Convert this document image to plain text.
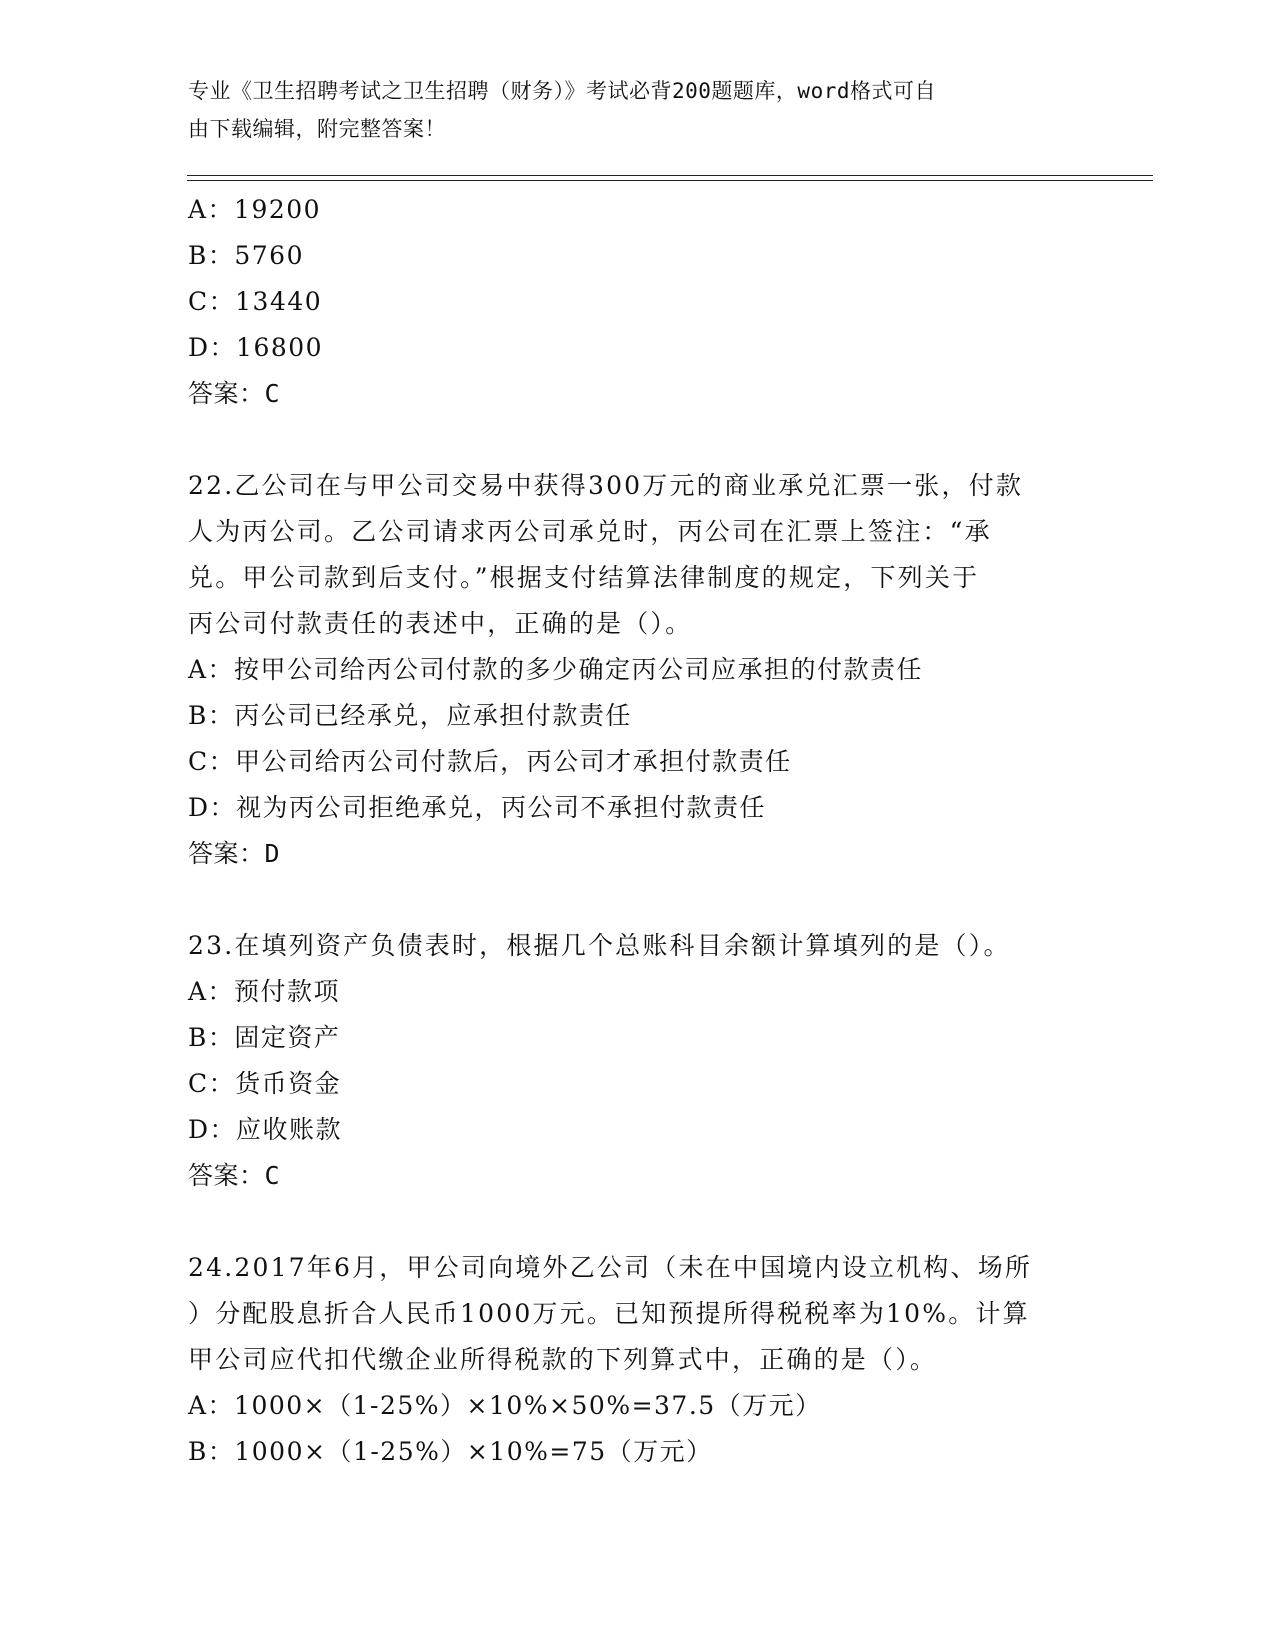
专业《卫生招聘考试之卫生招聘（财务）》考试必背200题题库，word格式可自
由下载编辑，附完整答案！
A：19200
B：5760
C：13440
D：16800
答案：C
22.乙公司在与甲公司交易中获得300万元的商业承兑汇票一张，付款
人为丙公司。乙公司请求丙公司承兑时，丙公司在汇票上签注：“承
兑。甲公司款到后支付。”根据支付结算法律制度的规定，下列关于
丙公司付款责任的表述中，正确的是（）。
A：按甲公司给丙公司付款的多少确定丙公司应承担的付款责任
B：丙公司已经承兑，应承担付款责任
C：甲公司给丙公司付款后，丙公司才承担付款责任
D：视为丙公司拒绝承兑，丙公司不承担付款责任
答案：D
23.在填列资产负债表时，根据几个总账科目余额计算填列的是（）。
A：预付款项
B：固定资产
C：货币资金
D：应收账款
答案：C
24.2017年6月，甲公司向境外乙公司（未在中国境内设立机构、场所
）分配股息折合人民币1000万元。已知预提所得税税率为10%。计算
甲公司应代扣代缴企业所得税款的下列算式中，正确的是（）。
A：1000×（1-25%）×10%×50%=37.5（万元）
B：1000×（1-25%）×10%=75（万元）
